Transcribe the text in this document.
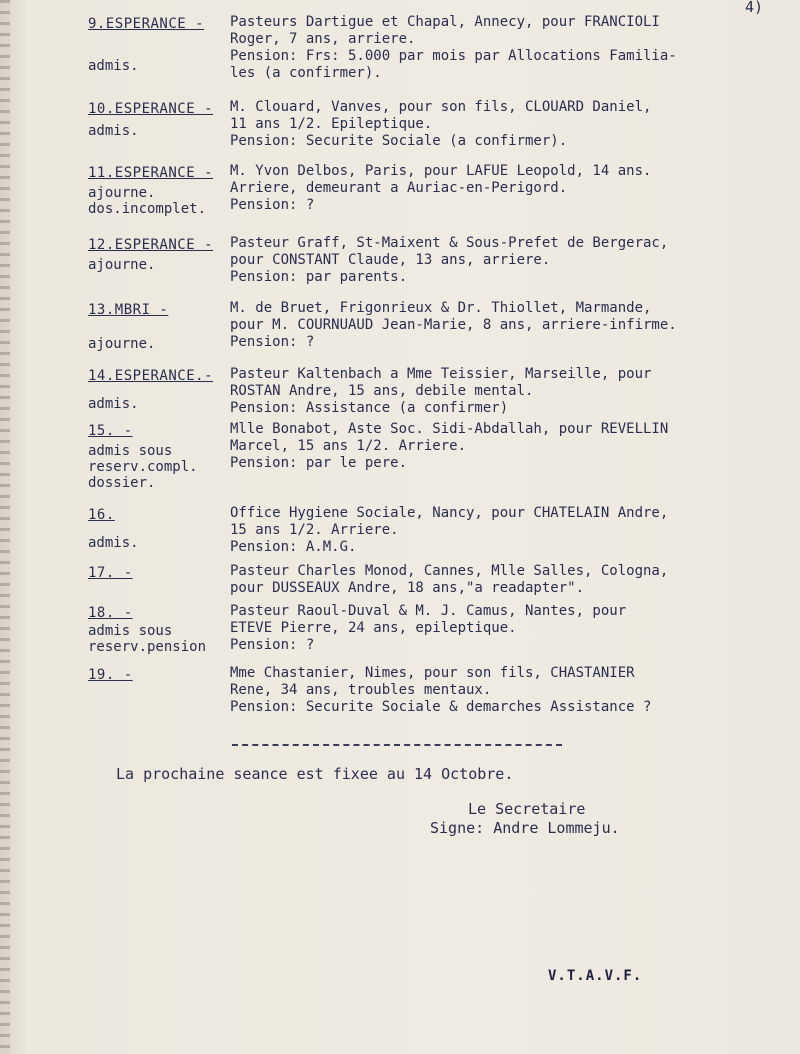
4)
9.ESPERANCE -
admis.
Pasteurs Dartigue et Chapal, Annecy, pour FRANCIOLI
Roger, 7 ans, arriere.
Pension: Frs: 5.000 par mois par Allocations Familia-
les (a confirmer).
10.ESPERANCE -
admis.
M. Clouard, Vanves, pour son fils, CLOUARD Daniel,
11 ans 1/2. Epileptique.
Pension: Securite Sociale (a confirmer).
11.ESPERANCE -
ajourne.
dos.incomplet.
M. Yvon Delbos, Paris, pour LAFUE Leopold, 14 ans.
Arriere, demeurant a Auriac-en-Perigord.
Pension: ?
12.ESPERANCE -
ajourne.
Pasteur Graff, St-Maixent & Sous-Prefet de Bergerac,
pour CONSTANT Claude, 13 ans, arriere.
Pension: par parents.
13.MBRI -
ajourne.
M. de Bruet, Frigonrieux & Dr. Thiollet, Marmande,
pour M. COURNUAUD Jean-Marie, 8 ans, arriere-infirme.
Pension: ?
14.ESPERANCE.-
admis.
Pasteur Kaltenbach a Mme Teissier, Marseille, pour
ROSTAN Andre, 15 ans, debile mental.
Pension: Assistance (a confirmer)
15. -
admis sous
reserv.compl.
dossier.
Mlle Bonabot, Aste Soc. Sidi-Abdallah, pour REVELLIN
Marcel, 15 ans 1/2. Arriere.
Pension: par le pere.
16.
admis.
Office Hygiene Sociale, Nancy, pour CHATELAIN Andre,
15 ans 1/2. Arriere.
Pension: A.M.G.
17. -	Pasteur Charles Monod, Cannes, Mlle Salles, Cologna,
pour DUSSEAUX Andre, 18 ans,"a readapter".
18. -
admis sous
reserv.pension
Pasteur Raoul-Duval & M. J. Camus, Nantes, pour
ETEVE Pierre, 24 ans, epileptique.
Pension: ?
19. -	Mme Chastanier, Nimes, pour son fils, CHASTANIER
Rene, 34 ans, troubles mentaux.
Pension: Securite Sociale & demarches Assistance ?
La prochaine seance est fixee au 14 Octobre.
Le Secretaire
Signe: Andre Lommeju.
V.T.A.V.F.
